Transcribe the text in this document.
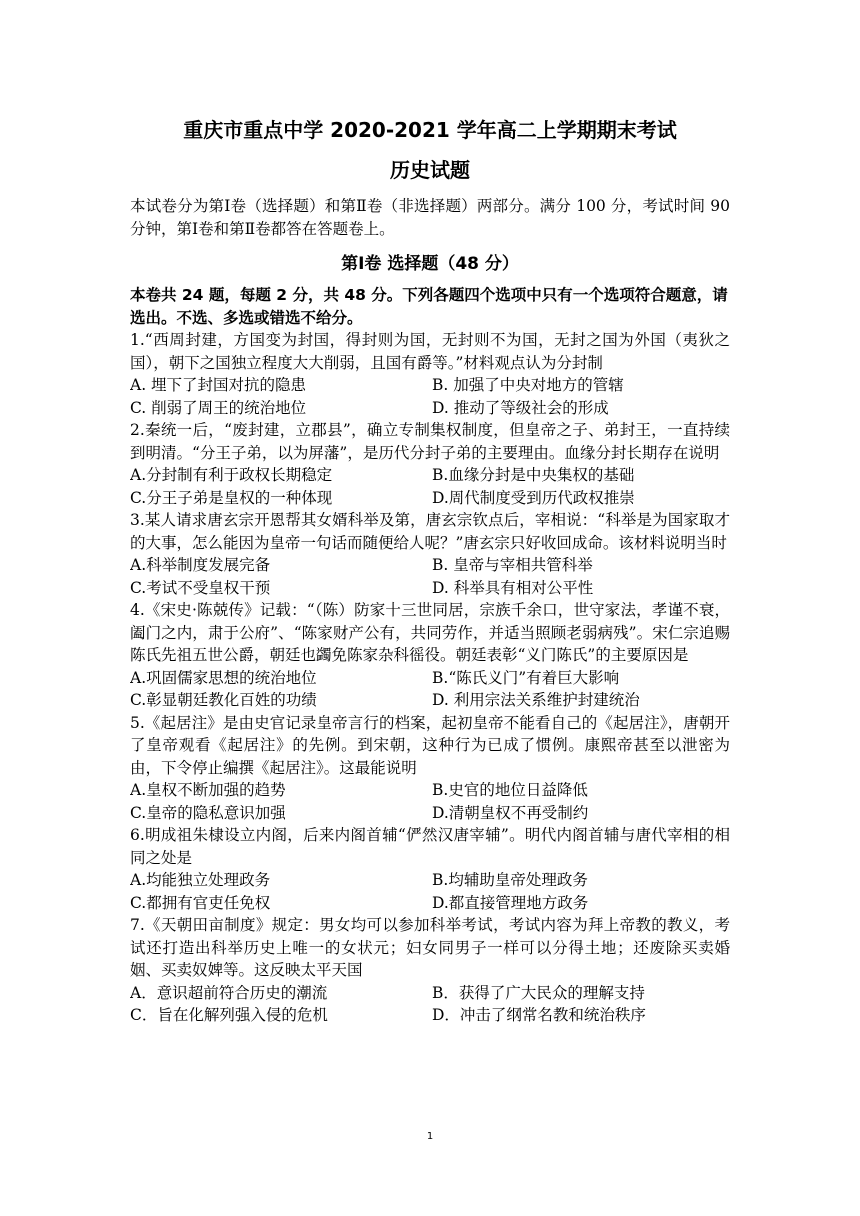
重庆市重点中学 2020-2021 学年高二上学期期末考试
历史试题
本试卷分为第Ⅰ卷（选择题）和第Ⅱ卷（非选择题）两部分。满分 100 分，考试时间 90 分钟，第Ⅰ卷和第Ⅱ卷都答在答题卷上。
第Ⅰ卷 选择题（48 分）
本卷共 24 题，每题 2 分，共 48 分。下列各题四个选项中只有一个选项符合题意，请选出。不选、多选或错选不给分。
1.“西周封建，方国变为封国，得封则为国，无封则不为国，无封之国为外国（夷狄之国），朝下之国独立程度大大削弱，且国有爵等。”材料观点认为分封制
A. 埋下了封国对抗的隐患	B. 加强了中央对地方的管辖
C. 削弱了周王的统治地位	D. 推动了等级社会的形成
2.秦统一后，“废封建，立郡县”，确立专制集权制度，但皇帝之子、弟封王，一直持续到明清。“分王子弟，以为屏藩”，是历代分封子弟的主要理由。血缘分封长期存在说明
A.分封制有利于政权长期稳定	B.血缘分封是中央集权的基础
C.分王子弟是皇权的一种体现	D.周代制度受到历代政权推崇
3.某人请求唐玄宗开恩帮其女婿科举及第，唐玄宗钦点后，宰相说：“科举是为国家取才的大事，怎么能因为皇帝一句话而随便给人呢？”唐玄宗只好收回成命。该材料说明当时
A.科举制度发展完备	B. 皇帝与宰相共管科举
C.考试不受皇权干预	D. 科举具有相对公平性
4.《宋史·陈兢传》记载：“（陈）防家十三世同居，宗族千余口，世守家法，孝谨不衰，阖门之内，肃于公府”、“陈家财产公有，共同劳作，并适当照顾老弱病残”。宋仁宗追赐陈氏先祖五世公爵，朝廷也蠲免陈家杂科徭役。朝廷表彰“义门陈氏”的主要原因是
A.巩固儒家思想的统治地位	B.“陈氏义门”有着巨大影响
C.彰显朝廷教化百姓的功绩	D. 利用宗法关系维护封建统治
5.《起居注》是由史官记录皇帝言行的档案，起初皇帝不能看自己的《起居注》，唐朝开了皇帝观看《起居注》的先例。到宋朝，这种行为已成了惯例。康熙帝甚至以泄密为由，下令停止编撰《起居注》。这最能说明
A.皇权不断加强的趋势	B.史官的地位日益降低
C.皇帝的隐私意识加强	D.清朝皇权不再受制约
6.明成祖朱棣设立内阁，后来内阁首辅“俨然汉唐宰辅”。明代内阁首辅与唐代宰相的相同之处是
A.均能独立处理政务	B.均辅助皇帝处理政务
C.都拥有官吏任免权	D.都直接管理地方政务
7.《天朝田亩制度》规定：男女均可以参加科举考试，考试内容为拜上帝教的教义，考试还打造出科举历史上唯一的女状元；妇女同男子一样可以分得土地；还废除买卖婚姻、买卖奴婢等。这反映太平天国
A．意识超前符合历史的潮流	B．获得了广大民众的理解支持
C．旨在化解列强入侵的危机	D．冲击了纲常名教和统治秩序
1
